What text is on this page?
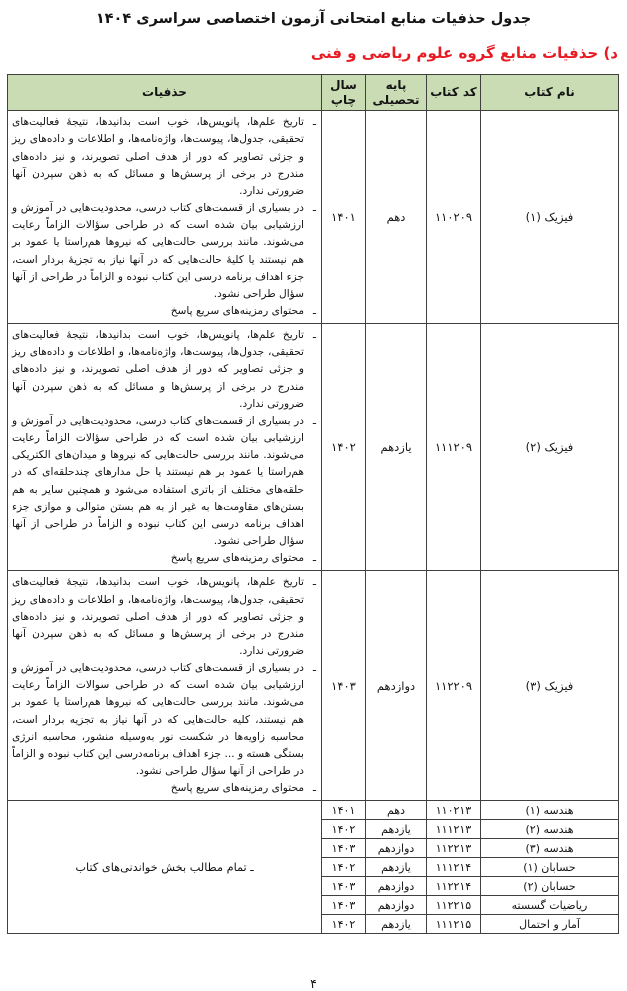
جدول حذفیات منابع امتحانی آزمون اختصاصی سراسری ۱۴۰۴
د) حذفیات منابع گروه علوم ریاضی و فنی
نام کتاب	کد کتاب	پایه تحصیلی	سال چاپ	حذفیات
فیزیک (۱)	۱۱۰۲۰۹	دهم	۱۴۰۱	
ـ
تاریخ علم‌ها، پانویس‌ها، خوب است بدانیدها، نتیجهٔ فعالیت‌های تحقیقی، جدول‌ها، پیوست‌ها، واژه‌نامه‌ها، و اطلاعات و داده‌های ریز و جزئی تصاویر که دور از هدف اصلی تصویرند، و نیز داده‌های مندرج در برخی از پرسش‌ها و مسائل که به ذهن سپردن آنها ضرورتی ندارد.
ـ
در بسیاری از قسمت‌های کتاب درسی، محدودیت‌هایی در آموزش و ارزشیابی بیان شده است که در طراحی سؤالات الزاماً رعایت می‌شوند. مانند بررسی حالت‌هایی که نیروها هم‌راستا یا عمود بر هم نیستند یا کلیهٔ حالت‌هایی که در آنها نیاز به تجزیهٔ بردار است، جزء اهداف برنامه درسی این کتاب نبوده و الزاماً در طراحی از آنها سؤال طراحی نشود.
ـ
محتوای رمزینه‌های سریع پاسخ

فیزیک (۲)	۱۱۱۲۰۹	یازدهم	۱۴۰۲	
ـ
تاریخ علم‌ها، پانویس‌ها، خوب است بدانیدها، نتیجهٔ فعالیت‌های تحقیقی، جدول‌ها، پیوست‌ها، واژه‌نامه‌ها، و اطلاعات و داده‌های ریز و جزئی تصاویر که دور از هدف اصلی تصویرند، و نیز داده‌های مندرج در برخی از پرسش‌ها و مسائل که به ذهن سپردن آنها ضرورتی ندارد.
ـ
در بسیاری از قسمت‌های کتاب درسی، محدودیت‌هایی در آموزش و ارزشیابی بیان شده است که در طراحی سؤالات الزاماً رعایت می‌شوند. مانند بررسی حالت‌هایی که نیروها و میدان‌های الکتریکی هم‌راستا یا عمود بر هم نیستند یا حل مدارهای چندحلقه‌ای که در حلقه‌های مختلف از باتری استفاده می‌شود و همچنین سایر به هم بستن‌های مقاومت‌ها به غیر از به هم بستن متوالی و موازی جزء اهداف برنامه درسی این کتاب نبوده و الزاماً در طراحی از آنها سؤال طراحی نشود.
ـ
محتوای رمزینه‌های سریع پاسخ

فیزیک (۳)	۱۱۲۲۰۹	دوازدهم	۱۴۰۳	
ـ
تاریخ علم‌ها، پانویس‌ها، خوب است بدانیدها، نتیجهٔ فعالیت‌های تحقیقی، جدول‌ها، پیوست‌ها، واژه‌نامه‌ها، و اطلاعات و داده‌های ریز و جزئی تصاویر که دور از هدف اصلی تصویرند، و نیز داده‌های مندرج در برخی از پرسش‌ها و مسائل که به ذهن سپردن آنها ضرورتی ندارد.
ـ
در بسیاری از قسمت‌های کتاب درسی، محدودیت‌هایی در آموزش و ارزشیابی بیان شده است که در طراحی سوالات الزاماً رعایت می‌شوند. مانند بررسی حالت‌هایی که نیروها هم‌راستا یا عمود بر هم نیستند، کلیه حالت‌هایی که در آنها نیاز به تجزیه بردار است، محاسبه زاویه‌ها در شکست نور به‌وسیله منشور، محاسبه انرژی بستگی هسته و ... جزء اهداف برنامه‌درسی این کتاب نبوده و الزاماً در طراحی از آنها سؤال طراحی نشود.
ـ
محتوای رمزینه‌های سریع پاسخ

هندسه (۱)	۱۱۰۲۱۳	دهم	۱۴۰۱	ـ تمام مطالب بخش خواندنی‌های کتاب
هندسه (۲)	۱۱۱۲۱۳	یازدهم	۱۴۰۲	
هندسه (۳)	۱۱۲۲۱۳	دوازدهم	۱۴۰۳	
حسابان (۱)	۱۱۱۲۱۴	یازدهم	۱۴۰۲	
حسابان (۲)	۱۱۲۲۱۴	دوازدهم	۱۴۰۳	
ریاضیات گسسته	۱۱۲۲۱۵	دوازدهم	۱۴۰۳	
آمار و احتمال	۱۱۱۲۱۵	یازدهم	۱۴۰۲	
۴
